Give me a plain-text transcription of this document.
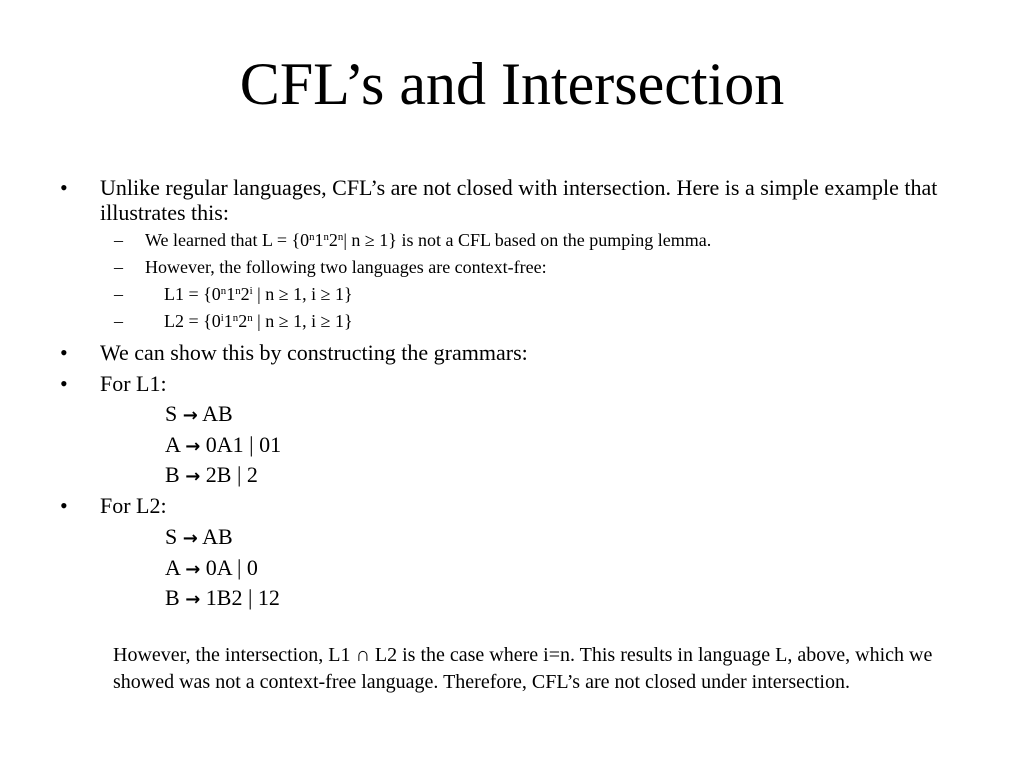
CFL’s and Intersection
• Unlike regular languages, CFL’s are not closed with intersection. Here is a simple example that illustrates this:
– We learned that $L = \{0^n1^n2^n|$ n ≥ 1} is not a CFL based on the pumping lemma.
– However, the following two languages are context-free:
– $L1 = \{0^n1^n2^i$ | n ≥ 1, i ≥ 1}
– $L2 = \{0^i1^n2^n$ | n ≥ 1, i ≥ 1}
• We can show this by constructing the grammars:
• For L1:
S → AB
A → 0A1 | 01
B → 2B | 2
• For L2:
S → AB
A → 0A | 0
B → 1B2 | 12
However, the intersection, L1 ∩ L2 is the case where i=n. This results in language L, above, which we showed was not a context-free language. Therefore, CFL’s are not closed under intersection.
